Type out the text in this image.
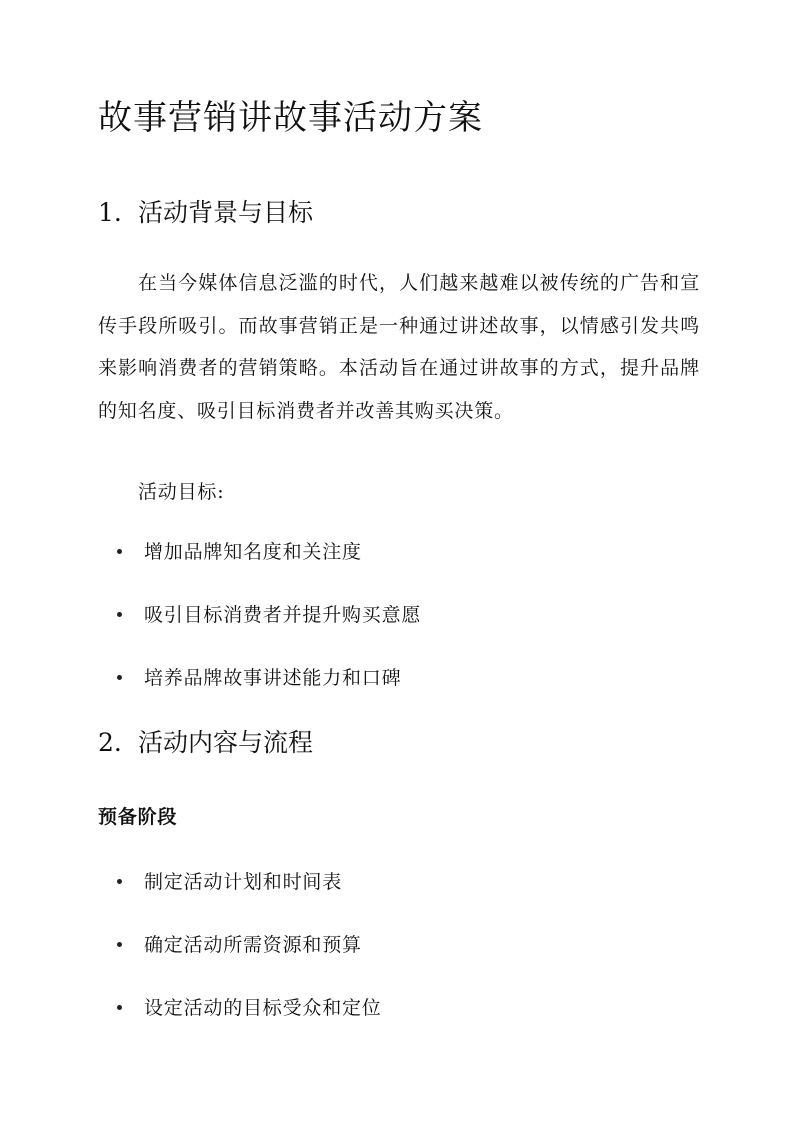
故事营销讲故事活动方案
1. 活动背景与目标

在当今媒体信息泛滥的时代，人们越来越难以被传统的广告和宣传手段所吸引。而故事营销正是一种通过讲述故事，以情感引发共鸣来影响消费者的营销策略。本活动旨在通过讲故事的方式，提升品牌的知名度、吸引目标消费者并改善其购买决策。

活动目标:

增加品牌知名度和关注度
吸引目标消费者并提升购买意愿
培养品牌故事讲述能力和口碑
2. 活动内容与流程
预备阶段
制定活动计划和时间表
确定活动所需资源和预算
设定活动的目标受众和定位
